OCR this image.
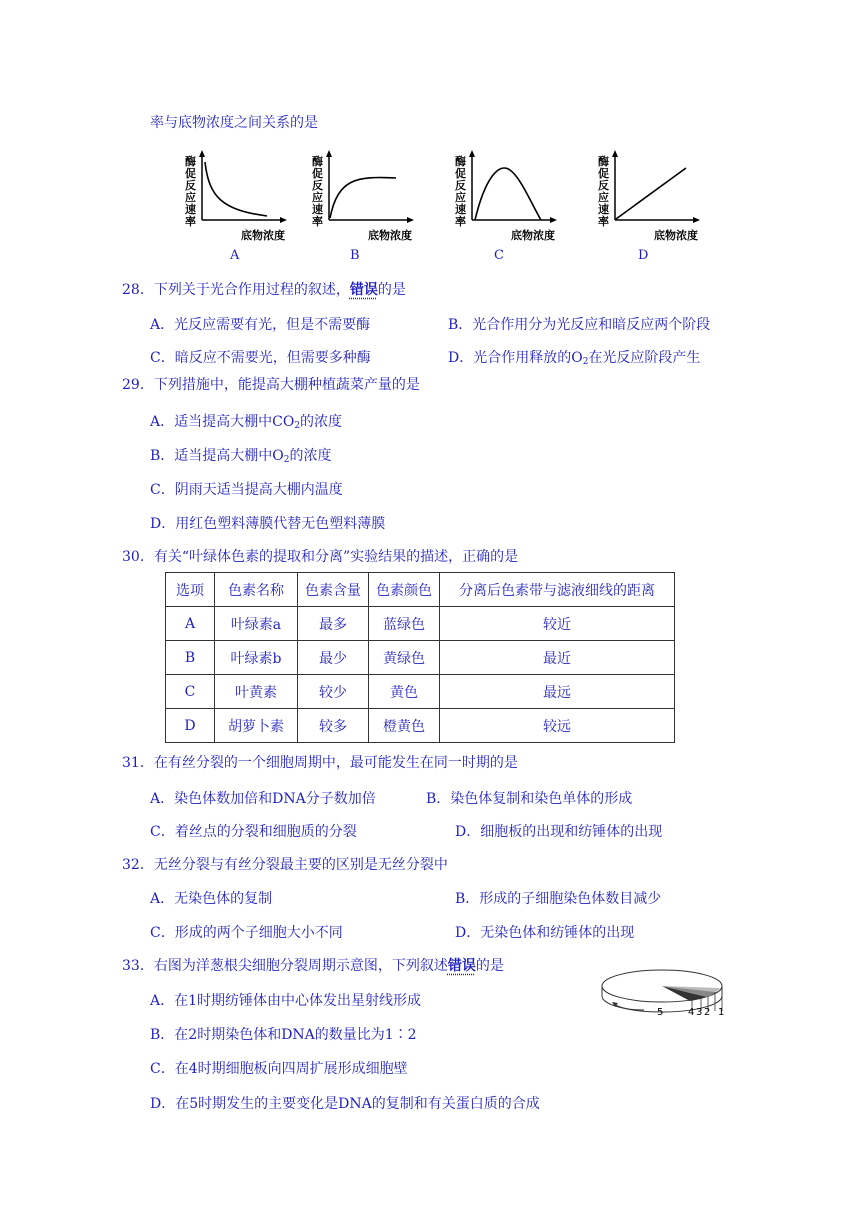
率与底物浓度之间关系的是
酶促反应速率
底物浓度
酶促反应速率
底物浓度
酶促反应速率
底物浓度
酶促反应速率
底物浓度
A	B	C	D
28．下列关于光合作用过程的叙述，错误的是
A．光反应需要有光，但是不需要酶	B．光合作用分为光反应和暗反应两个阶段
C．暗反应不需要光，但需要多种酶	D．光合作用释放的$O_2$在光反应阶段产生
29．下列措施中，能提高大棚种植蔬菜产量的是
A．适当提高大棚中$CO_2$的浓度
B．适当提高大棚中$O_2$的浓度
C．阴雨天适当提高大棚内温度
D．用红色塑料薄膜代替无色塑料薄膜
30．有关“叶绿体色素的提取和分离”实验结果的描述，正确的是
选项	色素名称	色素含量	色素颜色	分离后色素带与滤液细线的距离
A	叶绿素a	最多	蓝绿色	较近
B	叶绿素b	最少	黄绿色	最近
C	叶黄素	较少	黄色	最远
D	胡萝卜素	较多	橙黄色	较远
31．在有丝分裂的一个细胞周期中，最可能发生在同一时期的是
A．染色体数加倍和DNA分子数加倍	B．染色体复制和染色单体的形成
C．着丝点的分裂和细胞质的分裂	D．细胞板的出现和纺锤体的出现
32．无丝分裂与有丝分裂最主要的区别是无丝分裂中
A．无染色体的复制	B．形成的子细胞染色体数目减少
C．形成的两个子细胞大小不同	D．无染色体和纺锤体的出现
33．右图为洋葱根尖细胞分裂周期示意图，下列叙述错误的是
A．在1时期纺锤体由中心体发出星射线形成
B．在2时期染色体和DNA的数量比为1∶2
C．在4时期细胞板向四周扩展形成细胞壁
D．在5时期发生的主要变化是DNA的复制和有关蛋白质的合成
5 4 3 2 1
